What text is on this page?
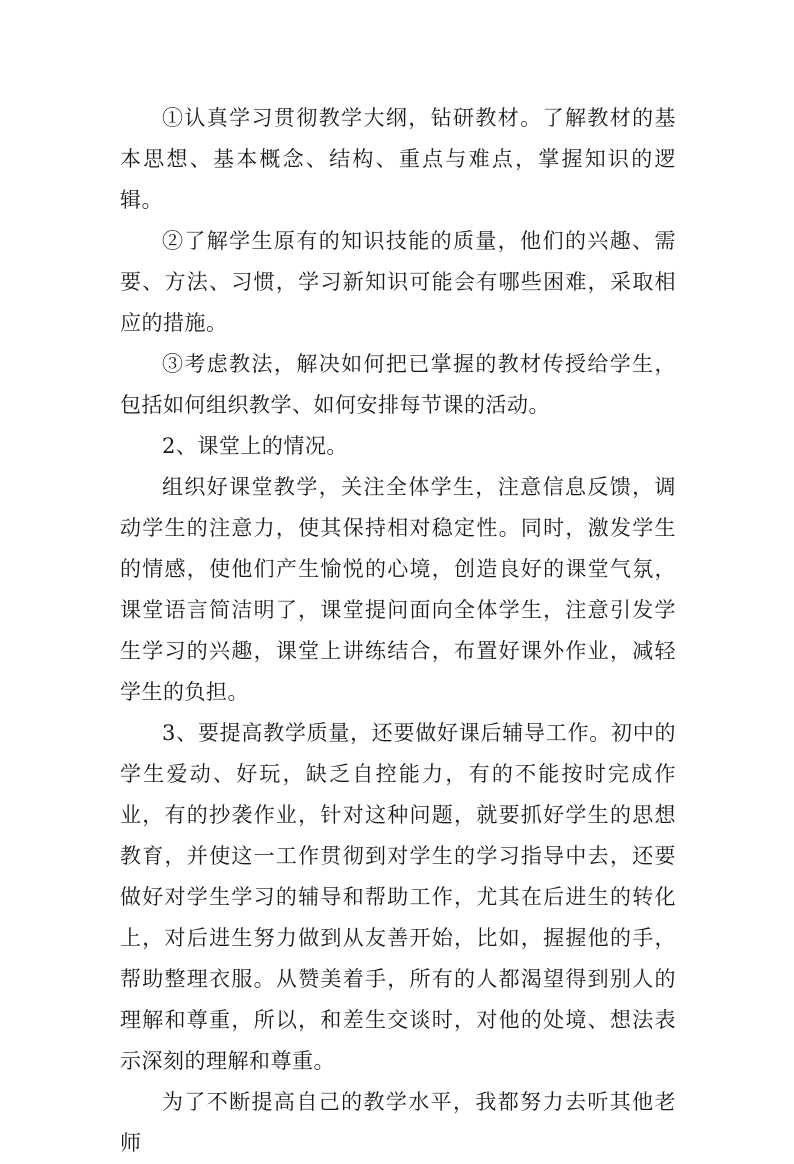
①认真学习贯彻教学大纲，钻研教材。了解教材的基本思想、基本概念、结构、重点与难点，掌握知识的逻辑。

②了解学生原有的知识技能的质量，他们的兴趣、需要、方法、习惯，学习新知识可能会有哪些困难，采取相应的措施。

③考虑教法，解决如何把已掌握的教材传授给学生，包括如何组织教学、如何安排每节课的活动。

2、课堂上的情况。

组织好课堂教学，关注全体学生，注意信息反馈，调动学生的注意力，使其保持相对稳定性。同时，激发学生的情感，使他们产生愉悦的心境，创造良好的课堂气氛，课堂语言简洁明了，课堂提问面向全体学生，注意引发学生学习的兴趣，课堂上讲练结合，布置好课外作业，减轻学生的负担。

3、要提高教学质量，还要做好课后辅导工作。初中的学生爱动、好玩，缺乏自控能力，有的不能按时完成作业，有的抄袭作业，针对这种问题，就要抓好学生的思想教育，并使这一工作贯彻到对学生的学习指导中去，还要做好对学生学习的辅导和帮助工作，尤其在后进生的转化上，对后进生努力做到从友善开始，比如，握握他的手，帮助整理衣服。从赞美着手，所有的人都渴望得到别人的理解和尊重，所以，和差生交谈时，对他的处境、想法表示深刻的理解和尊重。

为了不断提高自己的教学水平，我都努力去听其他老师
